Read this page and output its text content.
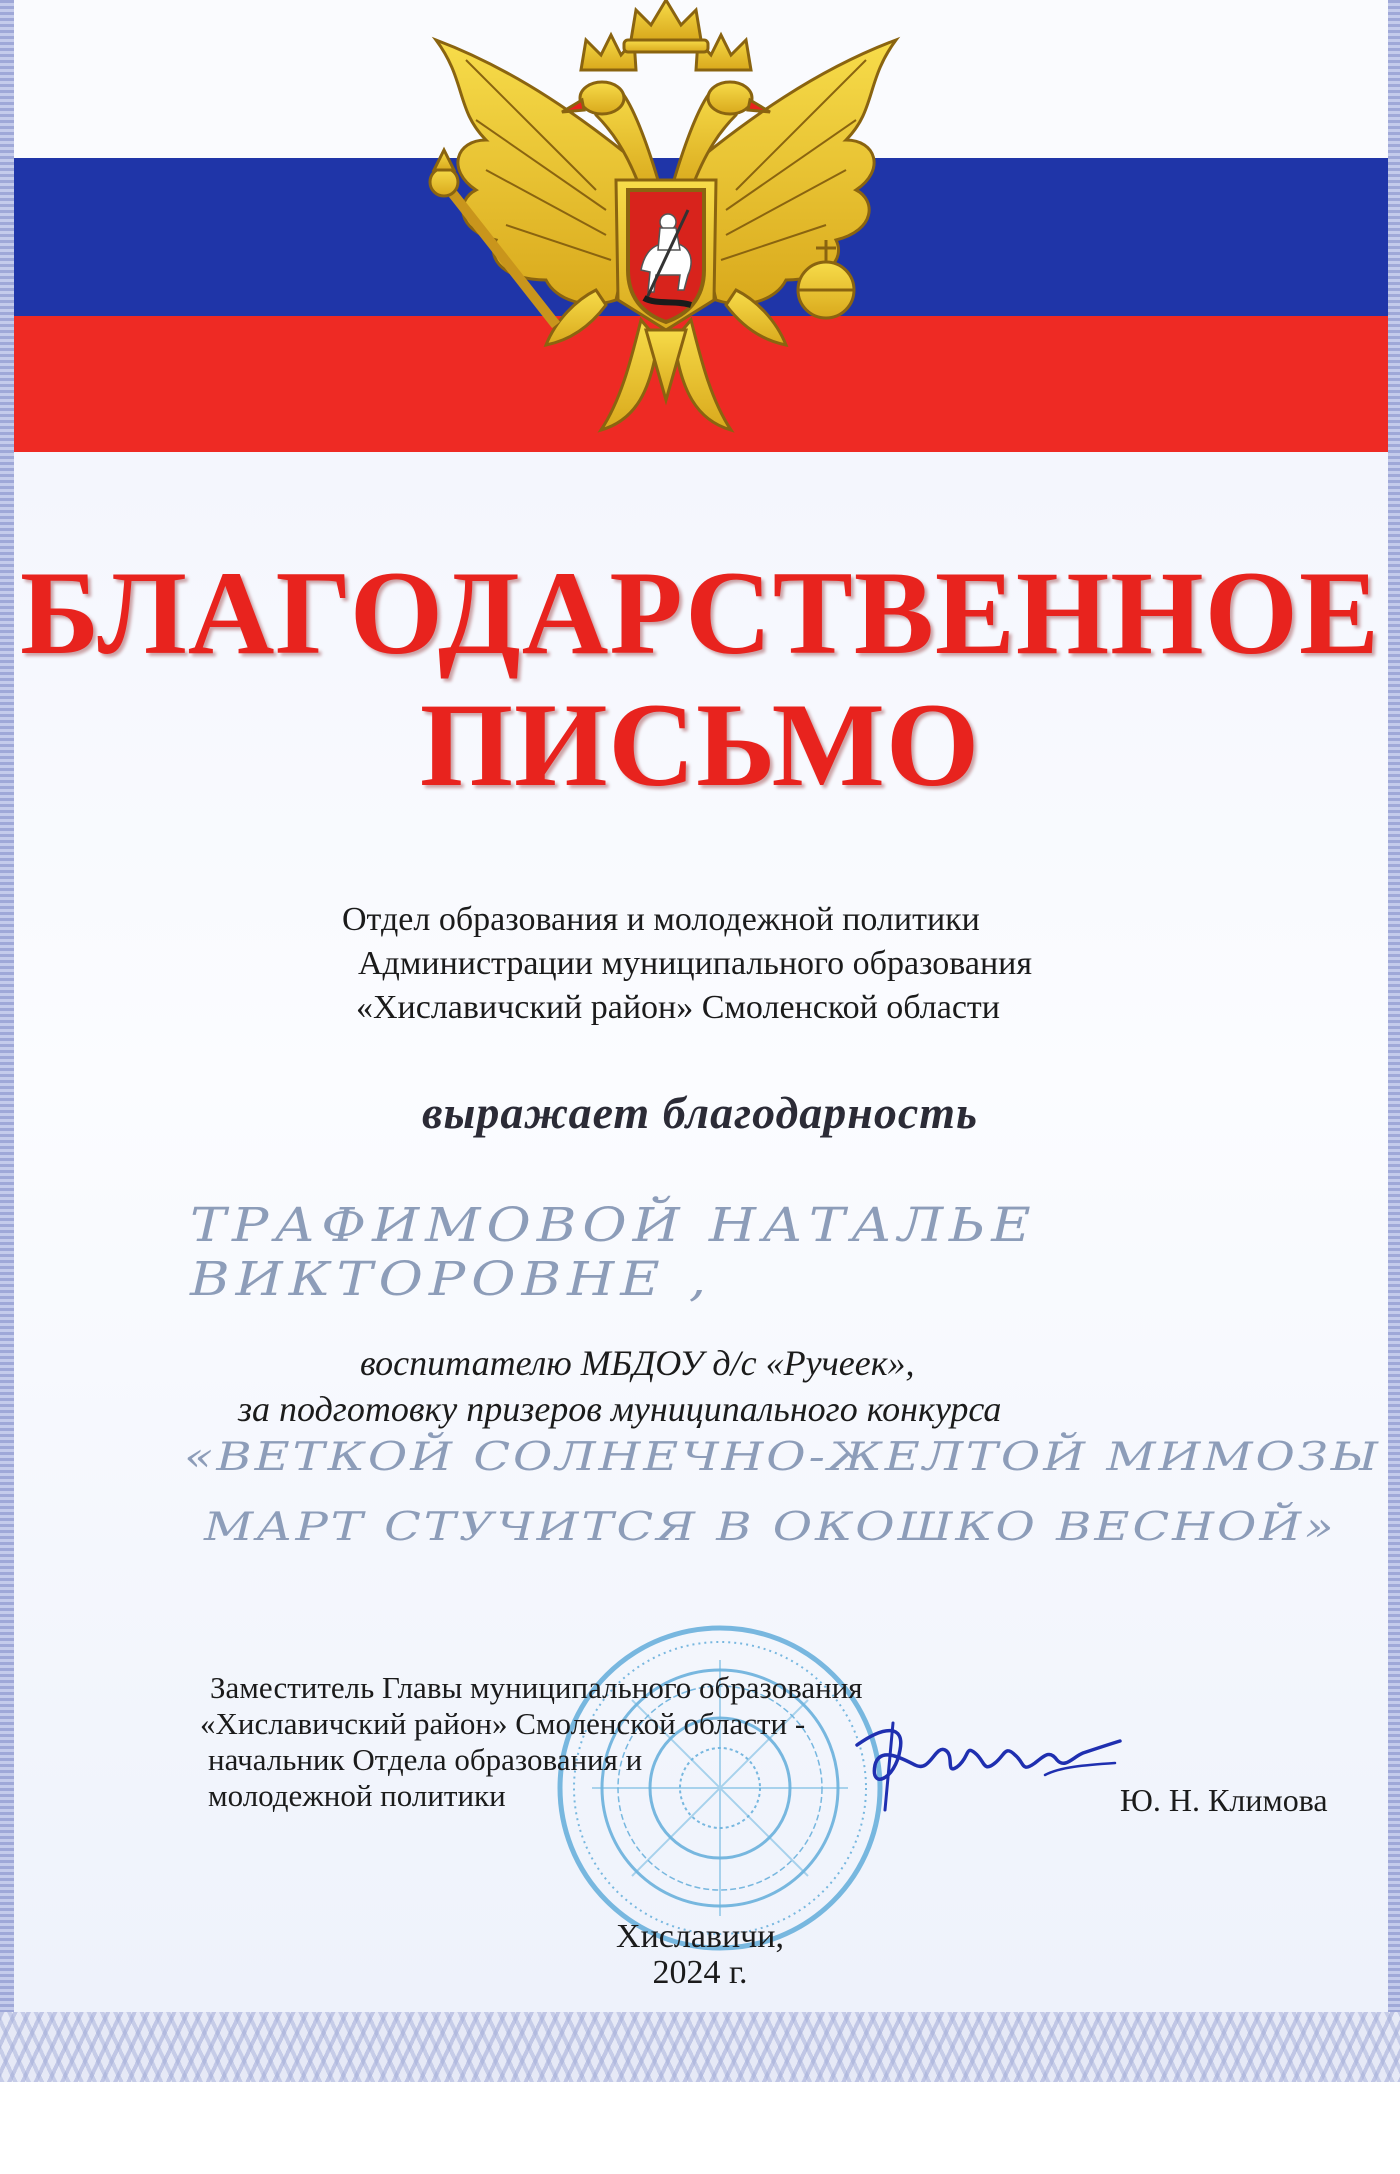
БЛАГОДАРСТВЕННОЕ
ПИСЬМО
Отдел образования и молодежной политики
Администрации муниципального образования
«Хиславичский район» Смоленской области
выражает благодарность
ТРАФИМОВОЙ НАТАЛЬЕ ВИКТОРОВНЕ ,
воспитателю МБДОУ д/с «Ручеек»,
за подготовку призеров муниципального конкурса
«ВЕТКОЙ СОЛНЕЧНО-ЖЕЛТОЙ МИМОЗЫ
МАРТ СТУЧИТСЯ В ОКОШКО ВЕСНОЙ»
Заместитель Главы муниципального образования
«Хиславичский район» Смоленской области -
начальник Отдела образования и
молодежной политики	Ю. Н. Климова
Хиславичи,
2024 г.
